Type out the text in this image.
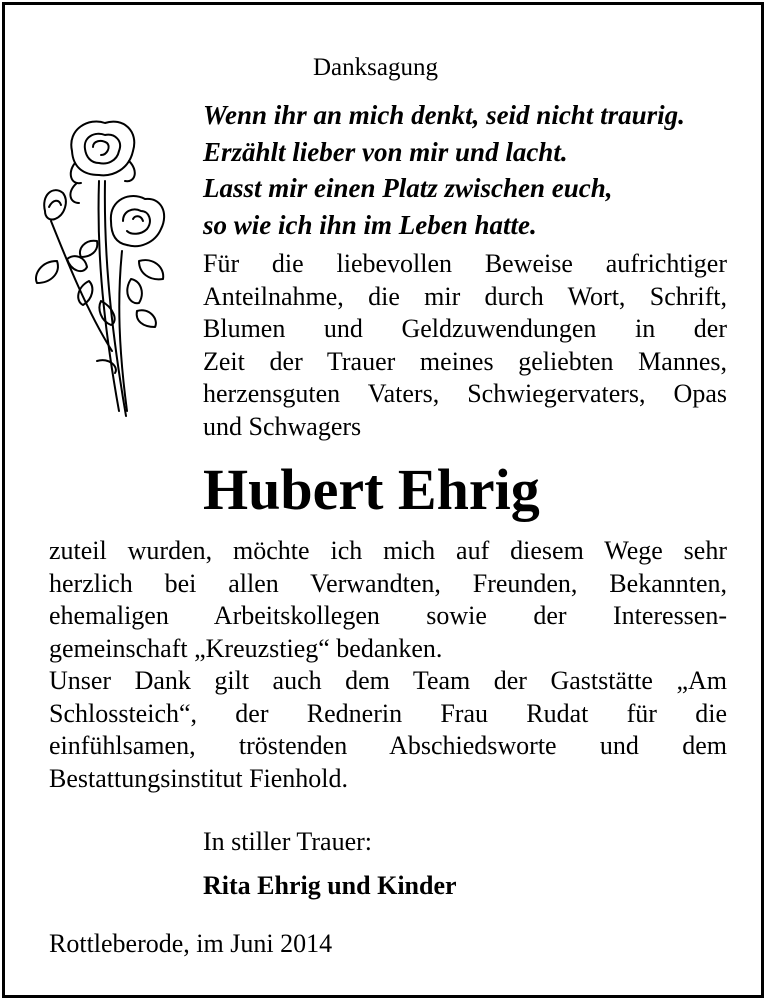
Danksagung
Wenn ihr an mich denkt, seid nicht traurig.
Erzählt lieber von mir und lacht.
Lasst mir einen Platz zwischen euch,
so wie ich ihn im Leben hatte.
Für die liebevollen Beweise aufrichtiger
Anteilnahme, die mir durch Wort, Schrift,
Blumen und Geldzuwendungen in der
Zeit der Trauer meines geliebten Mannes,
herzensguten Vaters, Schwiegervaters, Opas
und Schwagers
Hubert Ehrig
zuteil wurden, möchte ich mich auf diesem Wege sehr
herzlich bei allen Verwandten, Freunden, Bekannten,
ehemaligen Arbeitskollegen sowie der Interessen-
gemeinschaft „Kreuzstieg“ bedanken.
Unser Dank gilt auch dem Team der Gaststätte „Am
Schlossteich“, der Rednerin Frau Rudat für die
einfühlsamen, tröstenden Abschiedsworte und dem
Bestattungsinstitut Fienhold.
In stiller Trauer:
Rita Ehrig und Kinder
Rottleberode, im Juni 2014
